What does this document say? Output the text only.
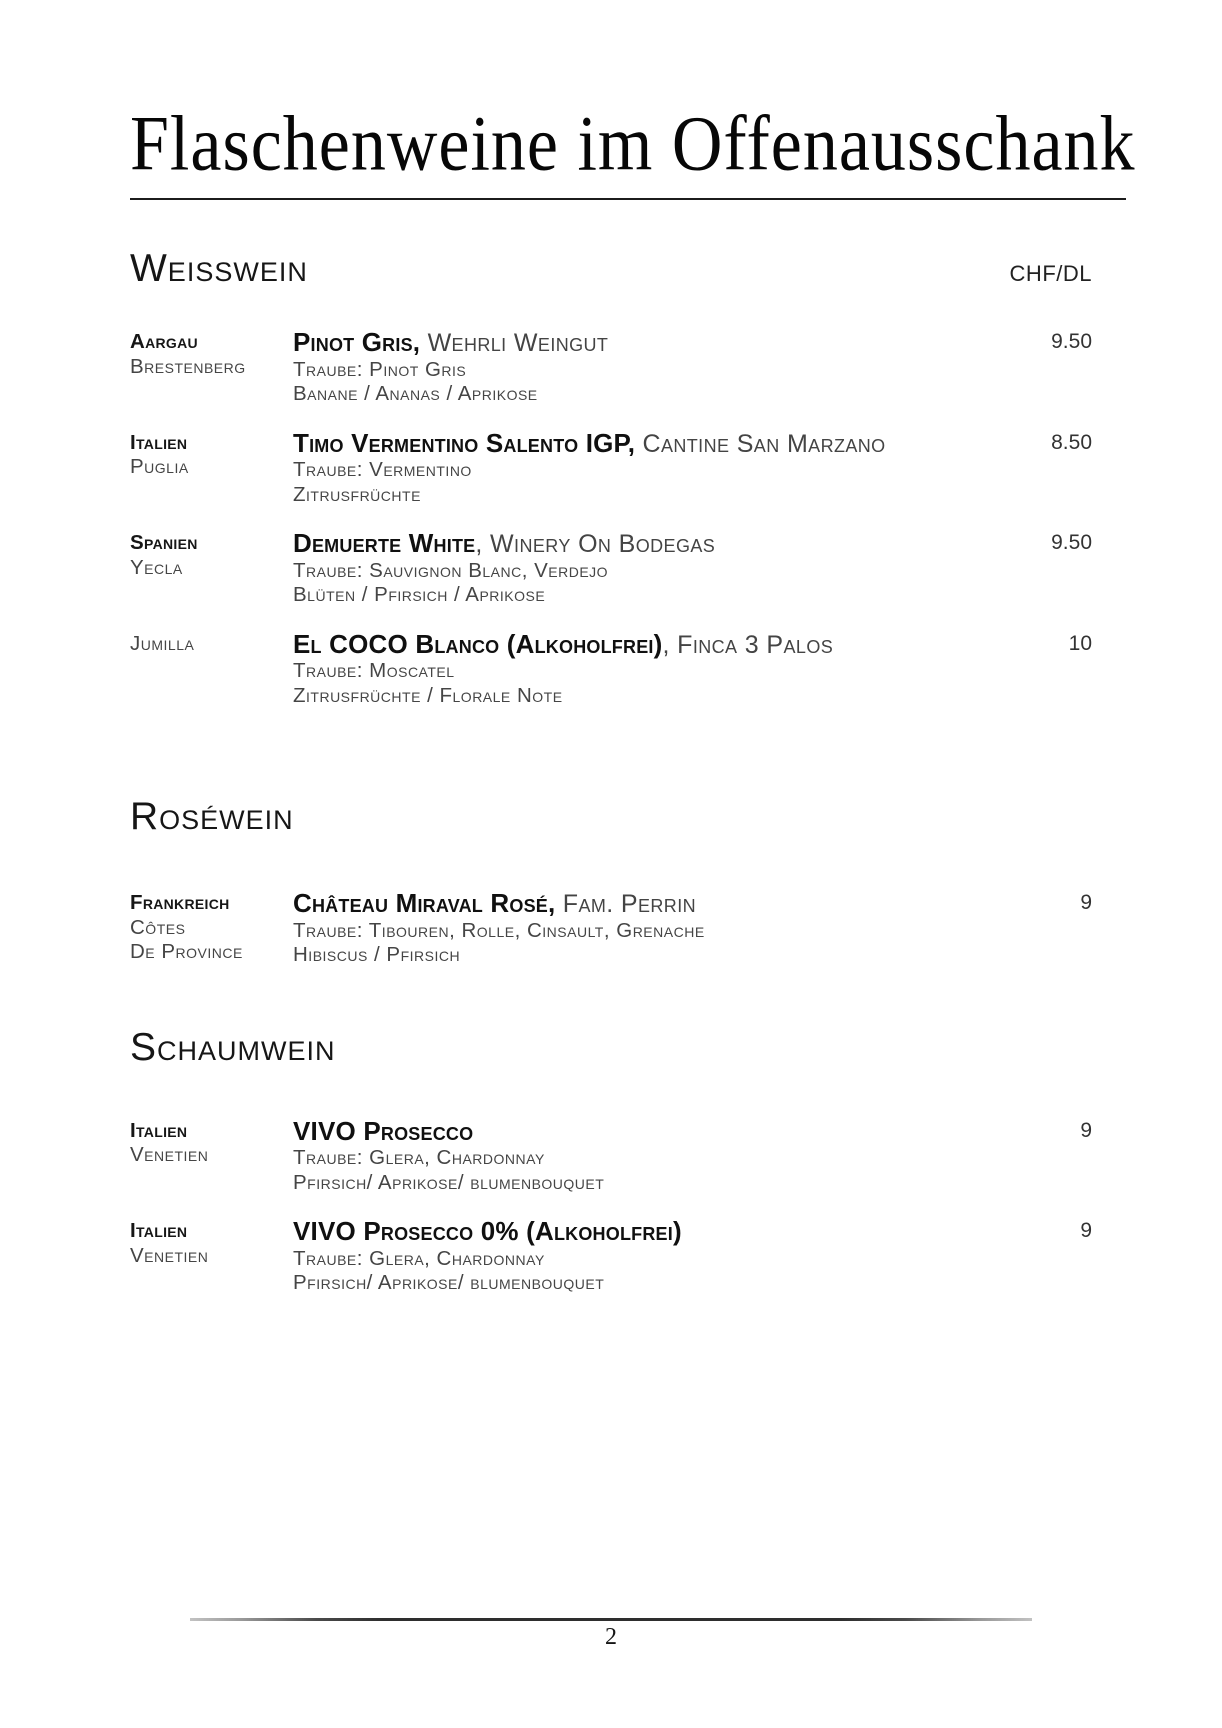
Flaschenweine im Offenausschank
Weisswein	CHF/DL
Aargau
Brestenberg
Pinot Gris, Wehrli Weingut
Traube: Pinot Gris
Banane / Ananas / Aprikose
9.50
Italien
Puglia
Timo Vermentino Salento IGP, Cantine San Marzano
Traube: Vermentino
Zitrusfrüchte
8.50
Spanien
Yecla
Demuerte White, Winery On Bodegas
Traube: Sauvignon Blanc, Verdejo
Blüten / Pfirsich / Aprikose
9.50
Jumilla	El COCO Blanco (Alkoholfrei), Finca 3 Palos
Traube: Moscatel
Zitrusfrüchte / Florale Note
10
Roséwein
Frankreich
Côtes
De Province
Château Miraval Rosé, Fam. Perrin
Traube: Tibouren, Rolle, Cinsault, Grenache
Hibiscus / Pfirsich
9
Schaumwein
Italien
Venetien
VIVO Prosecco
Traube: Glera, Chardonnay
Pfirsich/ Aprikose/ blumenbouquet
9
Italien
Venetien
VIVO Prosecco 0% (Alkoholfrei)
Traube: Glera, Chardonnay
Pfirsich/ Aprikose/ blumenbouquet
9
2
